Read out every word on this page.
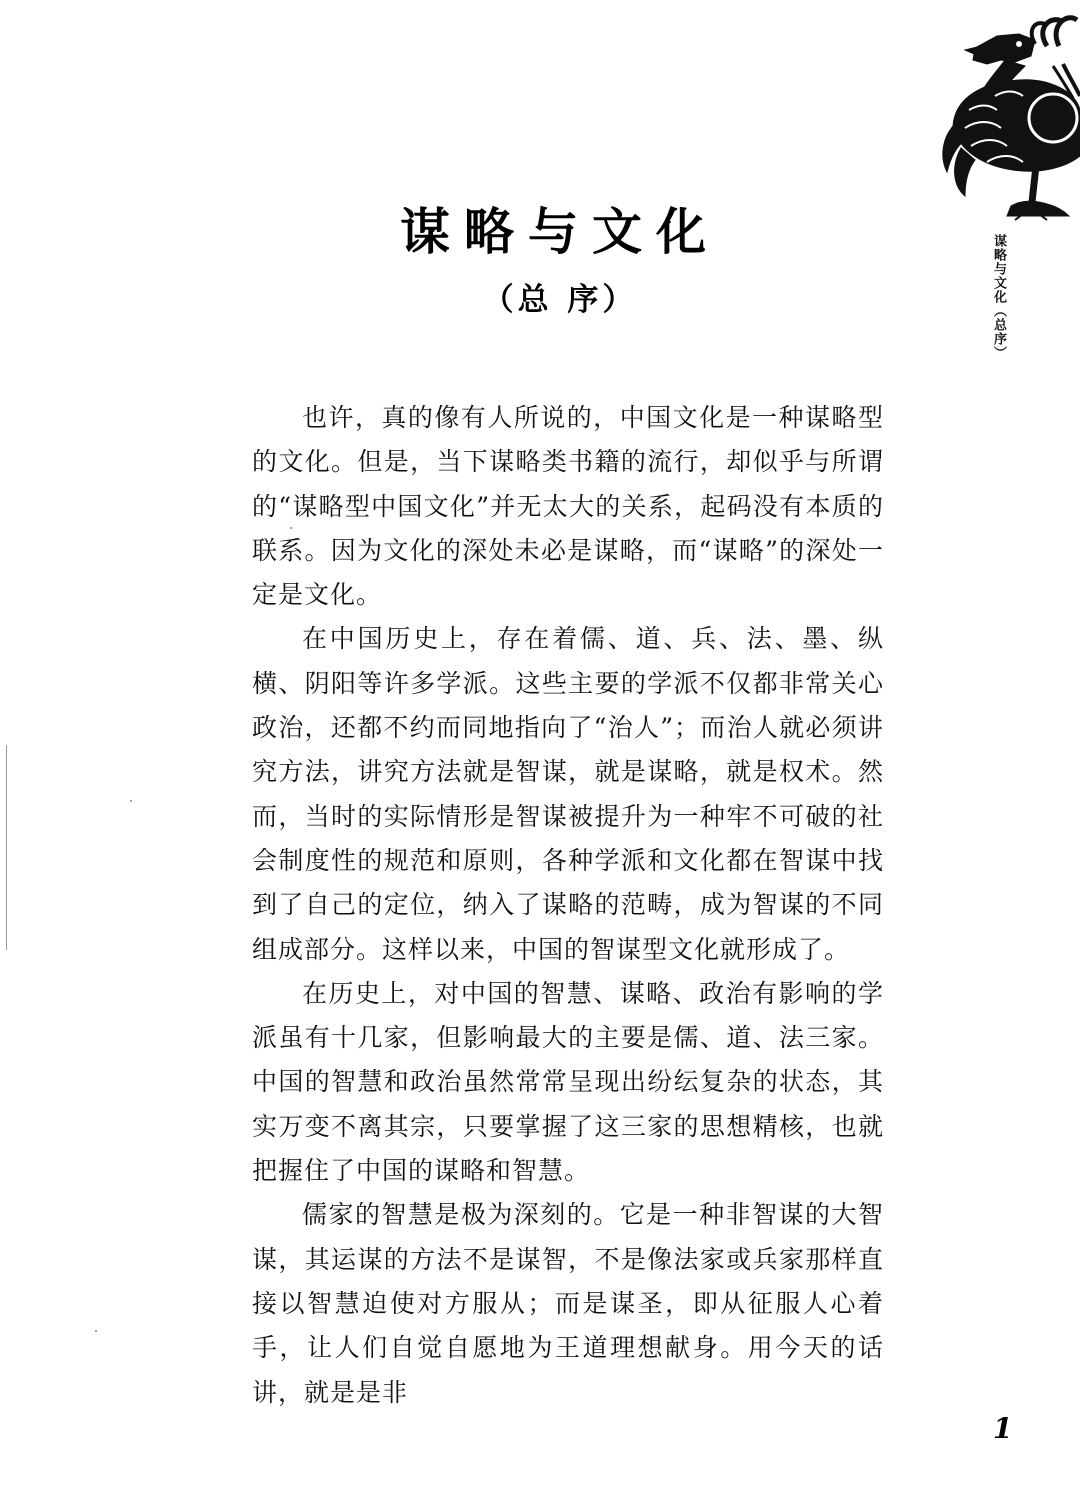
谋略与文化（总序）
谋略与文化
（总 序）

也许，真的像有人所说的，中国文化是一种谋略型的文化。但是，当下谋略类书籍的流行，却似乎与所谓的“谋略型中国文化”并无太大的关系，起码没有本质的联系。因为文化的深处未必是谋略，而“谋略”的深处一定是文化。

在中国历史上，存在着儒、道、兵、法、墨、纵横、阴阳等许多学派。这些主要的学派不仅都非常关心政治，还都不约而同地指向了“治人”；而治人就必须讲究方法，讲究方法就是智谋，就是谋略，就是权术。然而，当时的实际情形是智谋被提升为一种牢不可破的社会制度性的规范和原则，各种学派和文化都在智谋中找到了自己的定位，纳入了谋略的范畴，成为智谋的不同组成部分。这样以来，中国的智谋型文化就形成了。

在历史上，对中国的智慧、谋略、政治有影响的学派虽有十几家，但影响最大的主要是儒、道、法三家。中国的智慧和政治虽然常常呈现出纷纭复杂的状态，其实万变不离其宗，只要掌握了这三家的思想精核，也就把握住了中国的谋略和智慧。

儒家的智慧是极为深刻的。它是一种非智谋的大智谋，其运谋的方法不是谋智，不是像法家或兵家那样直接以智慧迫使对方服从；而是谋圣，即从征服人心着手，让人们自觉自愿地为王道理想献身。用今天的话讲，就是是非

1
